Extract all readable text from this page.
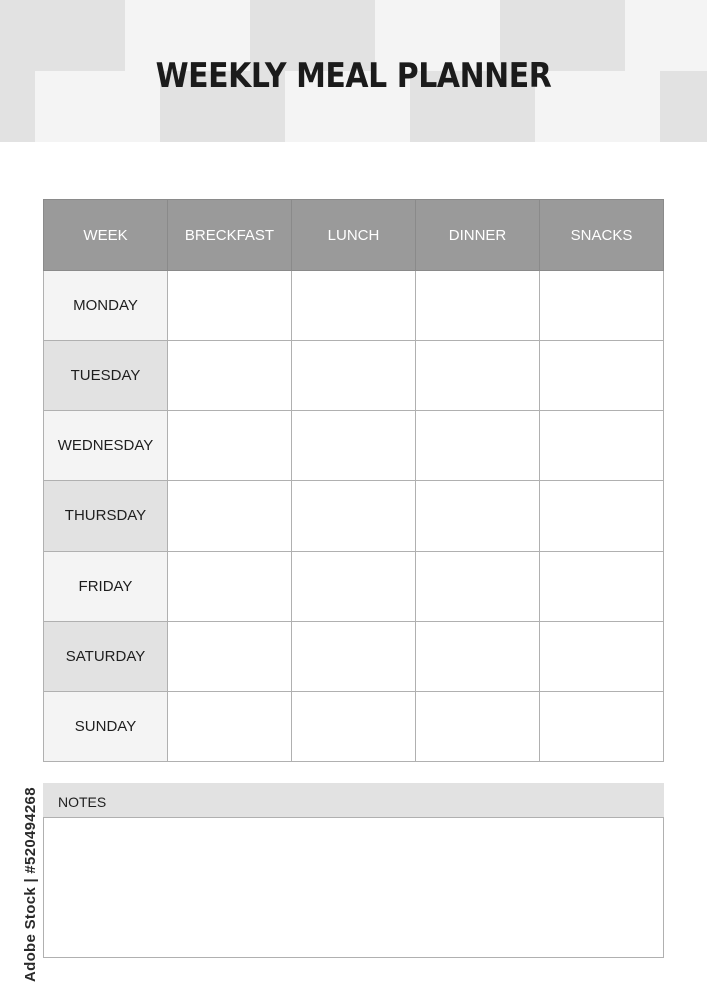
WEEKLY MEAL PLANNER
WEEK	BRECKFAST	LUNCH	DINNER	SNACKS
MONDAY				
TUESDAY				
WEDNESDAY				
THURSDAY				
FRIDAY				
SATURDAY				
SUNDAY				
NOTES
Adobe Stock | #520494268
